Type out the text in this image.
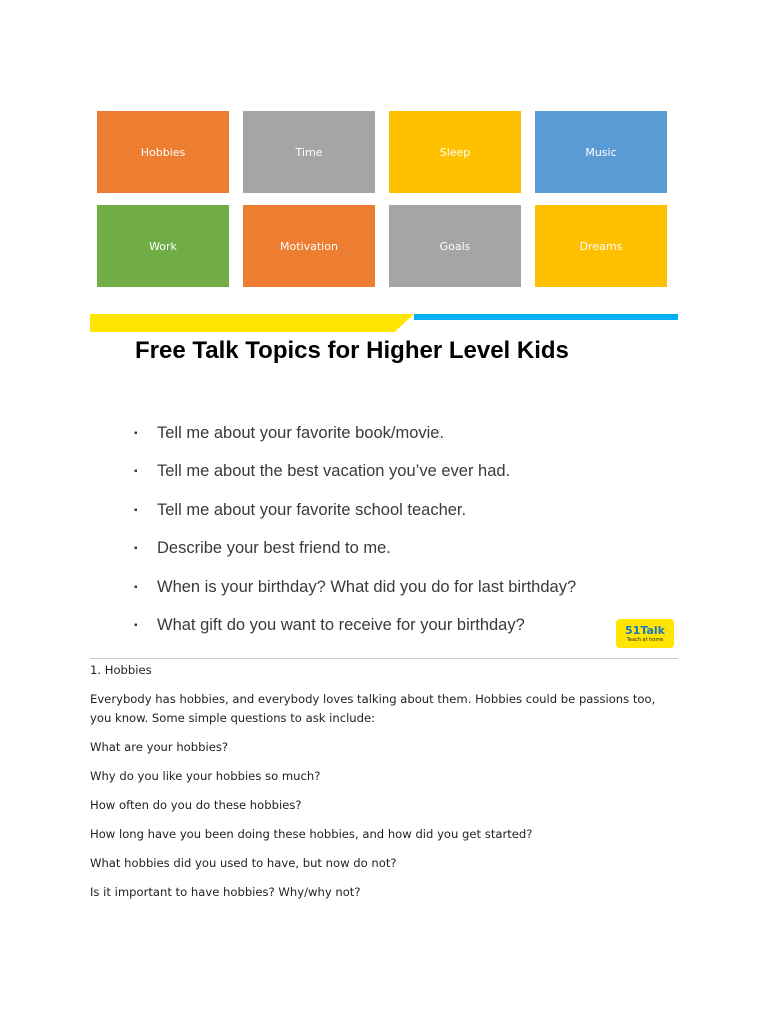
Hobbies	Time	Sleep	Music
Work	Motivation	Goals	Dreams
Free Talk Topics for Higher Level Kids
▪	Tell me about your favorite book/movie.
▪	Tell me about the best vacation you’ve ever had.
▪	Tell me about your favorite school teacher.
▪	Describe your best friend to me.
▪	When is your birthday? What did you do for last birthday?
▪	What gift do you want to receive for your birthday?	51Talk
Teach at home

1. Hobbies

Everybody has hobbies, and everybody loves talking about them. Hobbies could be passions too, you know. Some simple questions to ask include:

What are your hobbies?

Why do you like your hobbies so much?

How often do you do these hobbies?

How long have you been doing these hobbies, and how did you get started?

What hobbies did you used to have, but now do not?

Is it important to have hobbies? Why/why not?
